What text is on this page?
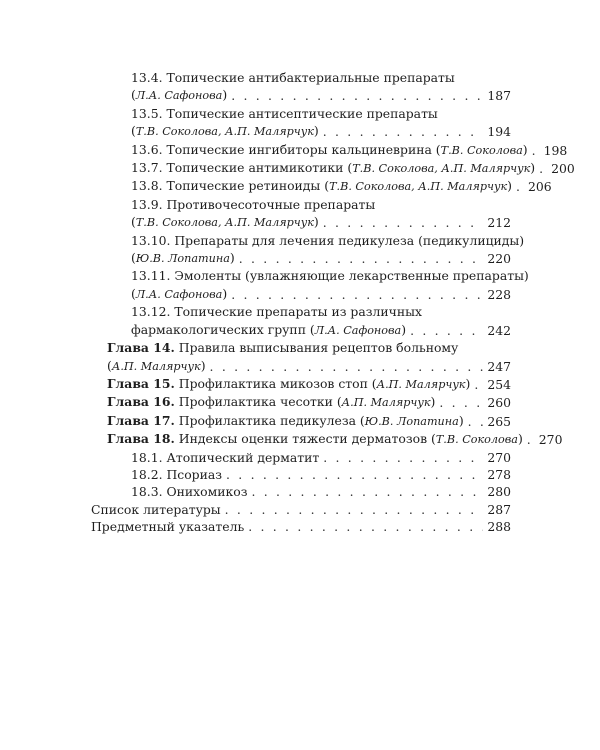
13.4. Топические антибактериальные препараты
(Л.А. Сафонова) . . .	187
13.5. Топические антисептические препараты
(Т.В. Соколова, А.П. Малярчук) . . .	194
13.6. Топические ингибиторы кальциневрина (Т.В. Соколова) . . . 198
13.7. Топические антимикотики (Т.В. Соколова, А.П. Малярчук) . . . 200
13.8. Топические ретиноиды (Т.В. Соколова, А.П. Малярчук) . . . 206
13.9. Противочесоточные препараты
(Т.В. Соколова, А.П. Малярчук) . . .	212
13.10. Препараты для лечения педикулеза (педикулициды)
(Ю.В. Лопатина) . . .	220
13.11. Эмоленты (увлажняющие лекарственные препараты)
(Л.А. Сафонова) . . .	228
13.12. Топические препараты из различных
фармакологических групп (Л.А. Сафонова) . . .	242
Глава 14. Правила выписывания рецептов больному
(А.П. Малярчук) . . .	247
Глава 15. Профилактика микозов стоп (А.П. Малярчук) . . . 254
Глава 16. Профилактика чесотки (А.П. Малярчук) . . .	260
Глава 17. Профилактика педикулеза (Ю.В. Лопатина) . . . 265
Глава 18. Индексы оценки тяжести дерматозов (Т.В. Соколова) . . . 270
18.1. Атопический дерматит . . .	270
18.2. Псориаз . . .	278
18.3. Онихомикоз . . .	280
Список литературы . . .	287
Предметный указатель . . .	288
